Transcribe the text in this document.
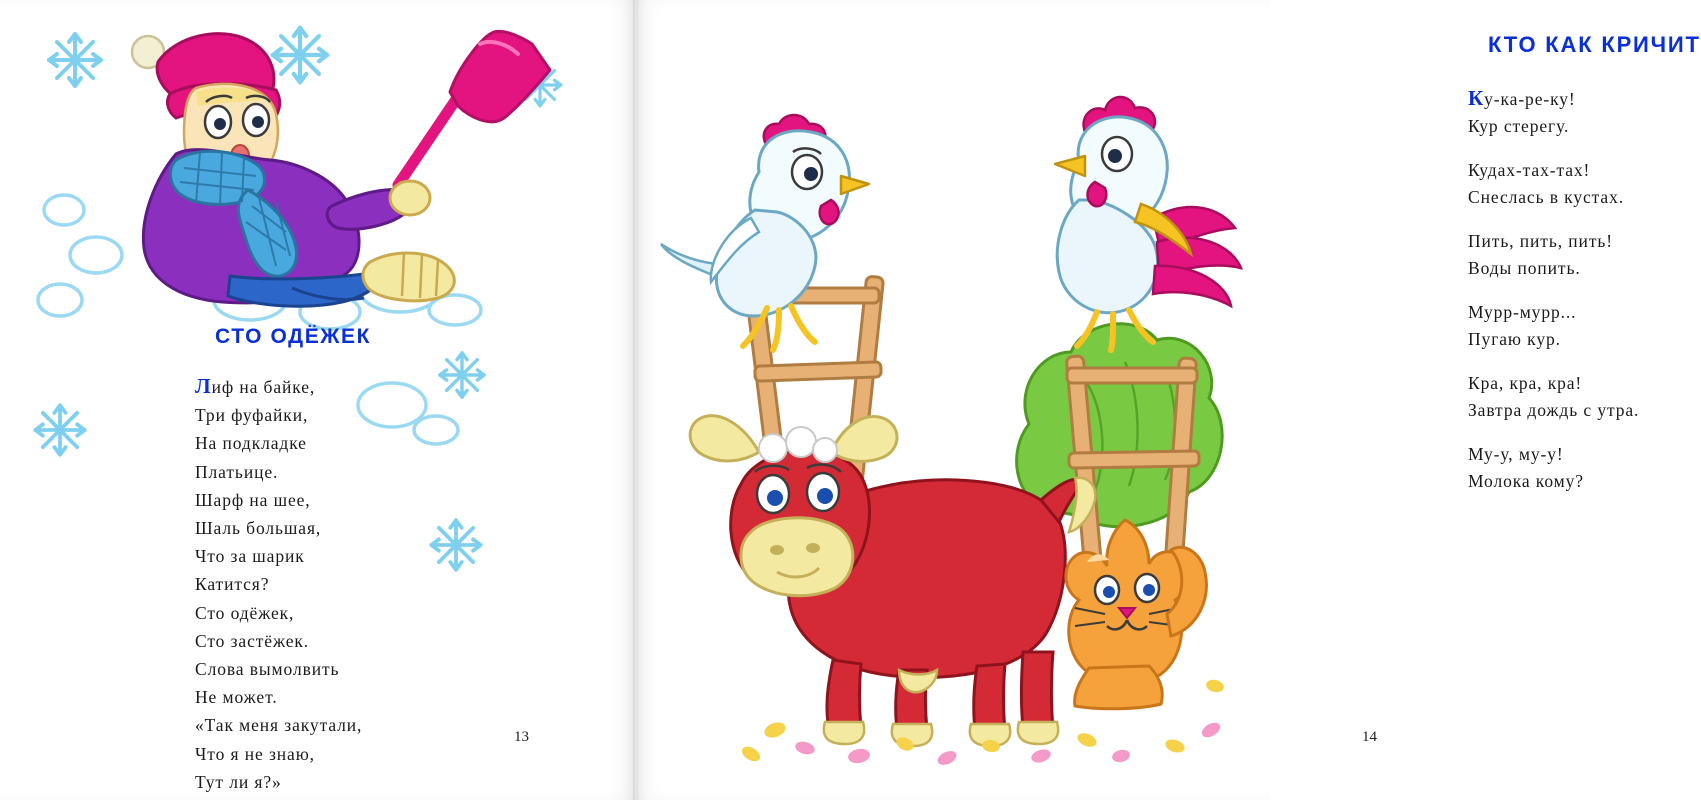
СТО ОДЁЖЕК
Лиф на байке,
Три фуфайки,
На подкладке
Платьице.
Шарф на шее,
Шаль большая,
Что за шарик
Катится?
Сто одёжек,
Сто застёжек.
Слова вымолвить
Не может.
«Так меня закутали,
Что я не знаю,
Тут ли я?»
13
КТО КАК КРИЧИТ
Ку-ка-ре-ку!
Кур стерегу.
Кудах-тах-тах!
Снеслась в кустах.
Пить, пить, пить!
Воды попить.
Мурр-мурр...
Пугаю кур.
Кра, кра, кра!
Завтра дождь с утра.
Му-у, му-у!
Молока кому?
14
